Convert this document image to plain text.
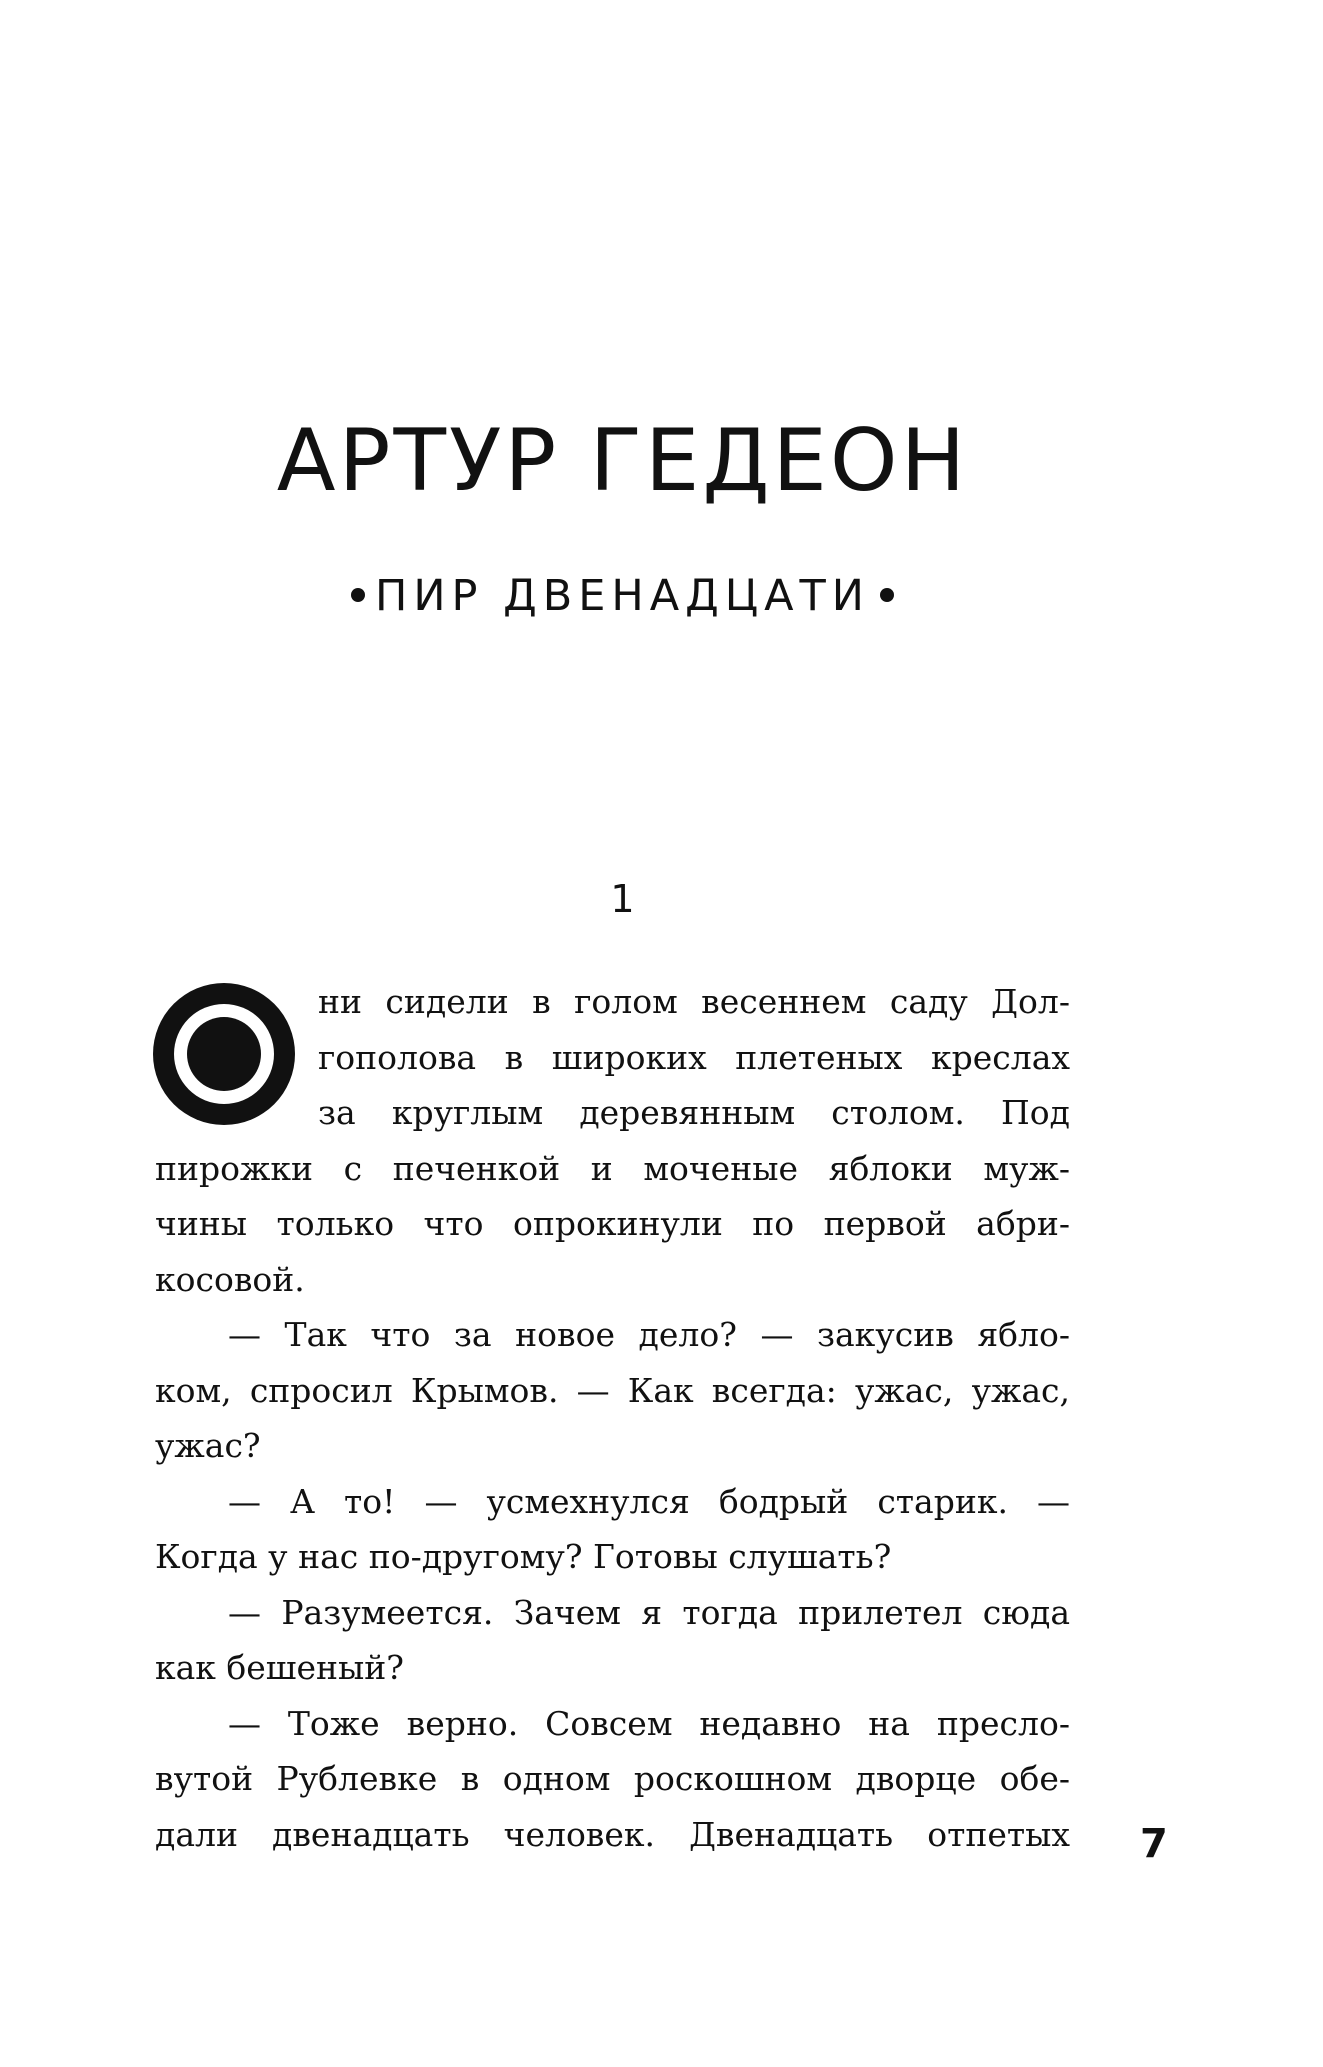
АРТУР ГЕДЕОН
ПИР ДВЕНАДЦАТИ
1
ни сидели в голом весеннем саду Дол-
гополова в широких плетеных креслах
за круглым деревянным столом. Под
пирожки с печенкой и моченые яблоки муж-
чины только что опрокинули по первой абри-
косовой.
— Так что за новое дело? — закусив ябло-
ком, спросил Крымов. — Как всегда: ужас, ужас,
ужас?
— А то! — усмехнулся бодрый старик. —
Когда у нас по-другому? Готовы слушать?
— Разумеется. Зачем я тогда прилетел сюда
как бешеный?
— Тоже верно. Совсем недавно на пресло-
вутой Рублевке в одном роскошном дворце обе-
дали двенадцать человек. Двенадцать отпетых 7
